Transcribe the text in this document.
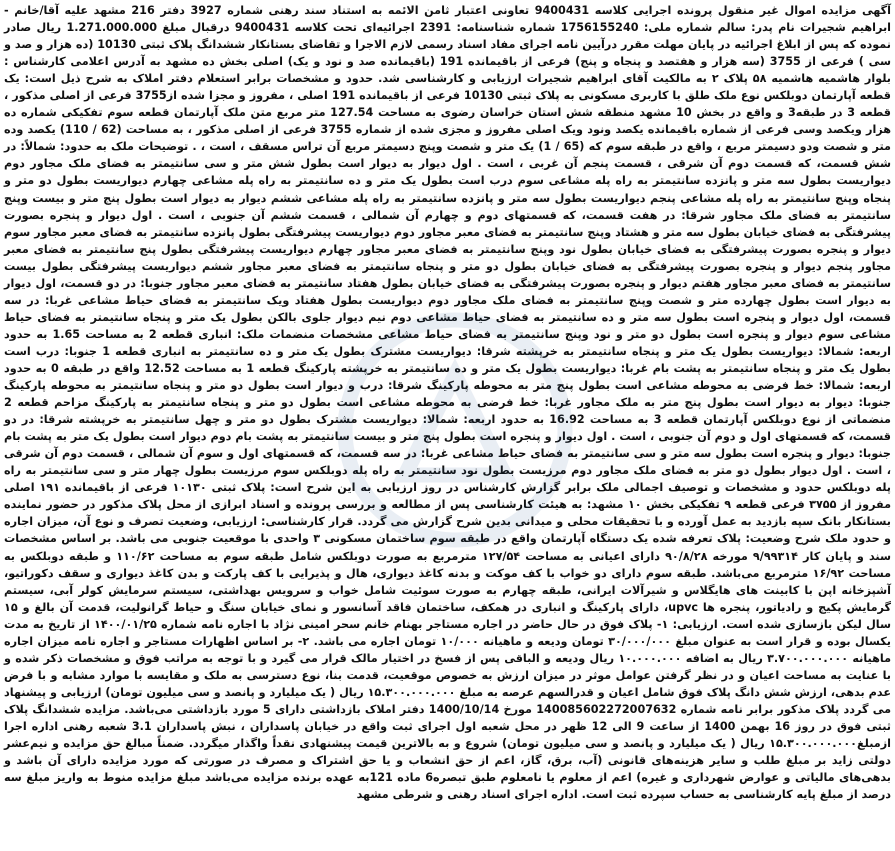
آگهی مزایده اموال غیر منقول پرونده اجرایی کلاسه 9400431 تعاونی اعتبار ثامن الائمه به استناد سند رهنی شماره 3927 دفتر 216 مشهد علیه آقا/خانم - ابراهیم شجیرات نام پدر: سالم شماره ملی: 1756155240 شماره شناسنامه: 2391 اجرائیه‌ای تحت کلاسه 9400431 درقبال مبلغ 1.271.000.000 ریال صادر نموده که پس از ابلاغ اجرائیه در پایان مهلت مقرر درآیین نامه اجرای مفاد اسناد رسمی لازم الاجرا و تقاضای بستانکار ششدانگ پلاک ثبتی 10130 (ده هزار و صد و سی ) فرعی از 3755 (سه هزار و هفتصد و پنجاه و پنج) فرعی از باقیمانده 191 (باقیمانده صد و نود و یک) اصلی بخش ده مشهد به آدرس اعلامی کارشناس : بلوار هاشمیه هاشمیه ۵۸ پلاک ۲ به مالکیت آقای ابراهیم شجیرات ارزیابی و کارشناسی شد. حدود و مشخصات برابر استعلام دفتر املاک به شرح ذیل است: یک قطعه آپارتمان دوبلکس نوع ملک طلق با کاربری مسکونی به پلاک ثبتی 10130 فرعی از باقیمانده 191 اصلی ، مفروز و مجزا شده از3755 فرعی از اصلی مذکور ، قطعه 3 در طبقه3 و واقع در بخش 10 مشهد منطقه شش استان خراسان رضوی به مساحت 127.54 متر مربع متن ملک آپارتمان قطعه سوم تفکیکی شماره ده هزار ویکصد وسی فرعی از شماره باقیمانده یکصد ونود ویک اصلی مفروز و مجزی شده از شماره 3755 فرعی از اصلی مذکور ، به مساحت (62 / 110) یکصد وده متر و شصت ودو دسیمتر مربع ، واقع در طبقه سوم که (65 / 1) یک متر و شصت وپنج دسیمتر مربع آن تراس مسقف ، است ، . توضیحات ملک به حدود: شمالاً: در شش قسمت، که قسمت دوم آن شرقی ، قسمت پنجم آن غربی ، است . اول دیوار به دیوار است بطول شش متر و سی سانتیمتر به فضای ملک مجاور دوم دیواریست بطول سه متر و پانزده سانتیمتر به راه پله مشاعی سوم درب است بطول یک متر و ده سانتیمتر به راه پله مشاعی چهارم دیواریست بطول دو متر و پنجاه وپنج سانتیمتر به راه پله مشاعی پنجم دیواریست بطول سه متر و پانزده سانتیمتر به راه پله مشاعی ششم دیوار به دیوار است بطول پنج متر و بیست وپنج سانتیمتر به فضای ملک مجاور شرقا: در هفت قسمت، که قسمتهای دوم و چهارم آن شمالی ، قسمت ششم آن جنوبی ، است . اول دیوار و پنجره بصورت پیشرفتگی به فضای خیابان بطول سه متر و هشتاد وپنج سانتیمتر به فضای معبر مجاور دوم دیواریست پیشرفتگی بطول پانزده سانتیمتر به فضای معبر مجاور سوم دیوار و پنجره بصورت پیشرفتگی به فضای خیابان بطول نود وپنج سانتیمتر به فضای معبر مجاور چهارم دیواریست پیشرفتگی بطول پنج سانتیمتر به فضای معبر مجاور پنجم دیوار و پنجره بصورت پیشرفتگی به فضای خیابان بطول دو متر و پنجاه سانتیمتر به فضای معبر مجاور ششم دیواریست پیشرفتگی بطول بیست سانتیمتر به فضای معبر مجاور هفتم دیوار و پنجره بصورت پیشرفتگی به فضای خیابان بطول هفتاد سانتیمتر به فضای معبر مجاور جنوبا: در دو قسمت، اول دیوار به دیوار است بطول چهارده متر و شصت وپنج سانتیمتر به فضای ملک مجاور دوم دیواریست بطول هفتاد ویک سانتیمتر به فضای حیاط مشاعی غربا: در سه قسمت، اول دیوار و پنجره است بطول سه متر و ده سانتیمتر به فضای حیاط مشاعی دوم نیم دیوار جلوی بالکن بطول یک متر و پنجاه سانتیمتر به فضای حیاط مشاعی سوم دیوار و پنجره است بطول دو متر و نود وپنج سانتیمتر به فضای حیاط مشاعی مشخصات منضمات ملک: انباری قطعه 2 به مساحت 1.65 به حدود اربعه: شمالا: دیواریست بطول یک متر و پنجاه سانتیمتر به خرپشته شرقا: دیواریست مشترک بطول یک متر و ده سانتیمتر به انباری قطعه 1 جنوبا: درب است بطول یک متر و پنجاه سانتیمتر به پشت بام غربا: دیواریست بطول یک متر و ده سانتیمتر به خرپشته پارکینگ قطعه 1 به مساحت 12.52 واقع در طبقه 0 به حدود اربعه: شمالا: خط فرضی به محوطه مشاعی است بطول پنج متر به محوطه پارکینگ شرقا: درب و دیوار است بطول دو متر و پنجاه سانتیمتر به محوطه پارکینگ جنوبا: دیوار به دیوار است بطول پنج متر به ملک مجاور غربا: خط فرضی به محوطه مشاعی است بطول دو متر و پنجاه سانتیمتر به پارکینگ مزاحم قطعه 2 منضماتی از نوع دوبلکس آپارتمان قطعه 3 به مساحت 16.92 به حدود اربعه: شمالا: دیواریست مشترک بطول دو متر و چهل سانتیمتر به خرپشته شرقا: در دو قسمت، که قسمتهای اول و دوم آن جنوبی ، است . اول دیوار و پنجره است بطول پنج متر و بیست سانتیمتر به پشت بام دوم دیوار است بطول یک متر به پشت بام جنوبا: دیوار و پنجره است بطول سه متر و سی سانتیمتر به فضای حیاط مشاعی غربا: در سه قسمت، که قسمتهای اول و سوم آن شمالی ، قسمت دوم آن شرقی ، است . اول دیوار بطول دو متر به فضای ملک مجاور دوم مرزیست بطول نود سانتیمتر به راه پله دوبلکس سوم مرزیست بطول چهار متر و سی سانتیمتر به راه پله دوبلکس حدود و مشخصات و توصیف اجمالی ملک برابر گزارش کارشناس در روز ارزیابی به این شرح است: پلاک ثبتی ۱۰۱۳۰ فرعی از باقیمانده ۱۹۱ اصلی مفروز از ۳۷۵۵ فرعی قطعه ۹ تفکیکی بخش ۱۰ مشهد: به هیئت کارشناسی پس از مطالعه و بررسی پرونده و اسناد ابرازی از محل پلاک مذکور در حضور نماینده بستانکار بانک سپه بازدید به عمل آورده و با تحقیقات محلی و میدانی بدین شرح گزارش می گردد. قرار کارشناسی: ارزیابی، وضعیت تصرف و نوع آن، میزان اجاره و حدود ملک شرح وضعیت: پلاک تعرفه شده یک دستگاه آپارتمان واقع در طبقه سوم ساختمان مسکونی ۳ واحدی با موقعیت جنوبی می باشد. بر اساس مشخصات سند و پایان کار ۹/۹۹۳۱۴ مورخه ۹۰/۸/۲۸ دارای اعیانی به مساحت ۱۲۷/۵۴ مترمربع به صورت دوبلکس شامل طبقه سوم به مساحت ۱۱۰/۶۲ و طبقه دوبلکس به مساحت ۱۶/۹۲ مترمربع می‌باشد. طبقه سوم دارای دو خواب با کف موکت و بدنه کاغذ دیواری، هال و پذیرایی با کف پارکت و بدن کاغذ دیواری و سقف دکوراتیو، آشپزخانه اپن با کابینت های هایگلاس و شیرآلات ایرانی، طبقه چهارم به صورت سوئیت شامل خواب و سرویس بهداشتی، سیستم سرمایش کولر آبی، سیستم گرمایش پکیج و رادیاتور، پنجره ها upvc، دارای پارکینگ و انباری در همکف، ساختمان فاقد آسانسور و نمای خیابان سنگ و حیاط گرانولیت، قدمت آن بالغ و ۱۵ سال لیکن بازسازی شده است. ارزیابی: ۱- پلاک فوق در حال حاضر در اجاره مستاجر بهنام خانم سحر امینی نژاد با اجاره نامه شماره ۱۴۰۰/۰۱/۲۵ از تاریخ به مدت یکسال بوده و قرار است به عنوان مبلغ ۳۰/۰۰۰/۰۰۰ تومان ودیعه و ماهیانه ۱۰/۰۰۰ تومان اجاره می باشد. ۲- بر اساس اظهارات مستاجر و اجاره نامه میزان اجاره ماهیانه ۳.۷۰۰.۰۰۰.۰۰۰ ریال به اضافه ۱۰.۰۰۰.۰۰۰ ریال ودیعه و الباقی پس از فسخ در اختیار مالک قرار می گیرد و با توجه به مراتب فوق و مشخصات ذکر شده و با عنایت به مساحت اعیان و در نظر گرفتن عوامل موثر در میزان ارزش به خصوص موقعیت، قدمت بنا، نوع دسترسی به ملک و مقایسه با موارد مشابه و با فرض عدم بدهی، ارزش شش دانگ پلاک فوق شامل اعیان و قدرالسهم عرصه به مبلغ ۱۵.۳۰۰.۰۰۰.۰۰۰ ریال ( یک میلیارد و پانصد و سی میلیون تومان) ارزیابی و پیشنهاد می گردد پلاک مذکور برابر نامه شماره 140085602272007632 مورخ 1400/10/14 دفتر املاک بازداشتی دارای 5 مورد بازداشتی می‌باشد. مزایده ششدانگ پلاک ثبتی فوق در روز 16 بهمن 1400 از ساعت 9 الی 12 ظهر در محل شعبه اول اجرای ثبت واقع در خیابان پاسداران ، نبش پاسداران 3.1 شعبه رهنی اداره اجرا ازمبلغ۱۵.۳۰۰.۰۰۰.۰۰۰ ریال ( یک میلیارد و پانصد و سی میلیون تومان) شروع و به بالاترین قیمت پیشنهادی نقداً واگذار میگردد. ضمناً مبالغ حق مزایده و نیم‌عشر دولتی زاید بر مبلغ طلب و سایر هزینه‌های قانونی (آب، برق، گاز، اعم از حق انشعاب و یا حق اشتراک و مصرف در صورتی که مورد مزایده دارای آن باشد و بدهی‌های مالیاتی و عوارض شهرداری و غیره) اعم از معلوم یا نامعلوم طبق تبصره6 ماده 121به عهده برنده مزایده می‌باشد مبلغ مزایده منوط به واریز مبلغ سه درصد از مبلغ پایه کارشناسی به حساب سپرده ثبت است. اداره اجرای اسناد رهنی و شرطی مشهد
